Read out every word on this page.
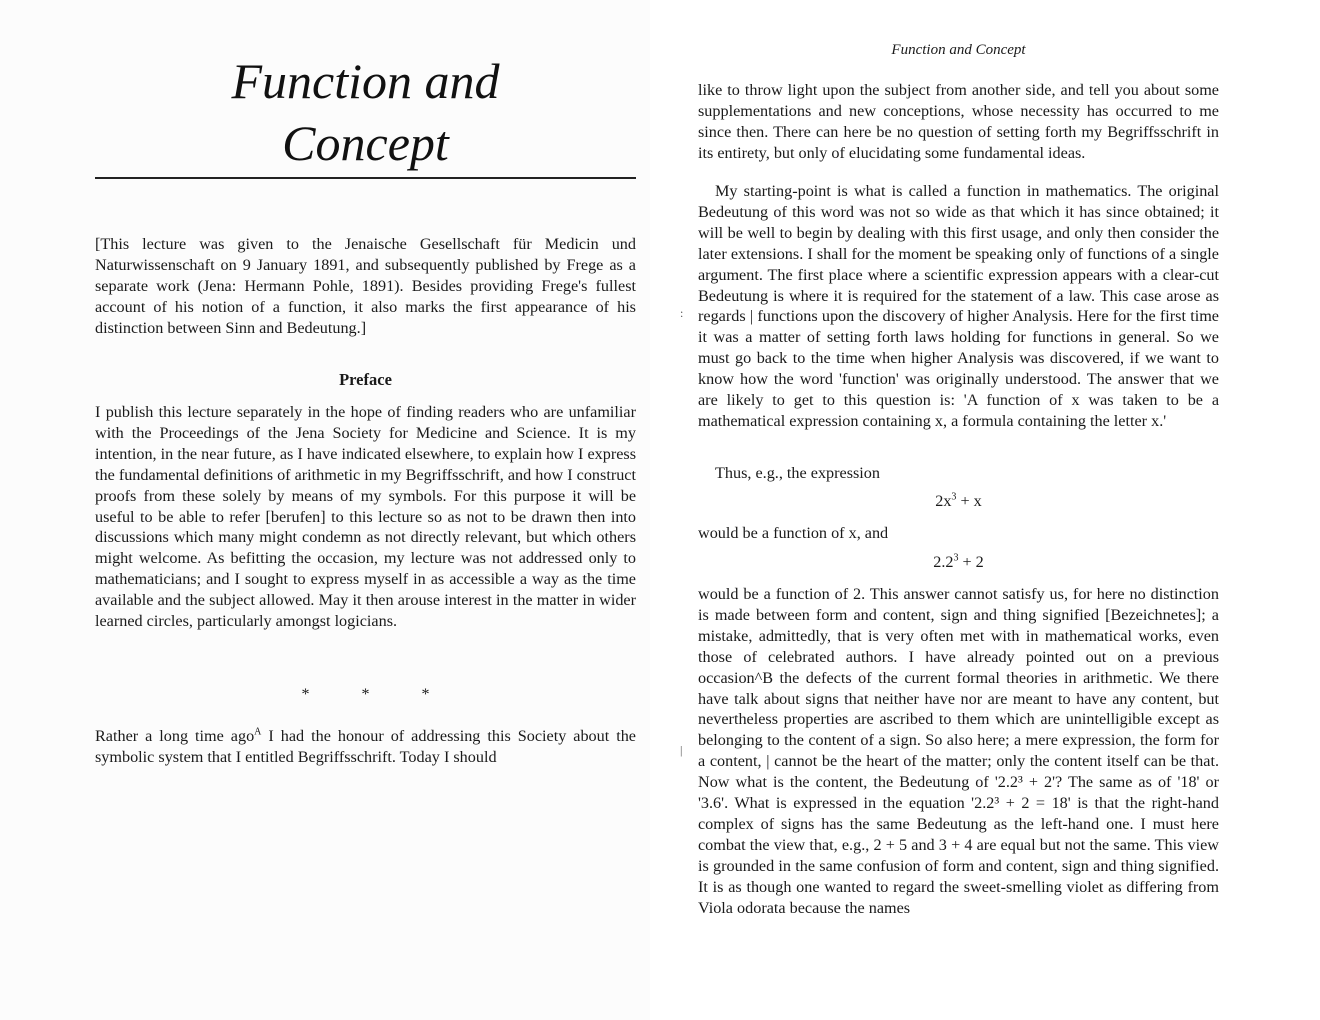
Function and
Concept

[This lecture was given to the Jenaische Gesellschaft für Medicin und Naturwissenschaft on 9 January 1891, and subsequently published by Frege as a separate work (Jena: Hermann Pohle, 1891). Besides providing Frege's fullest account of his notion of a function, it also marks the first appearance of his distinction between Sinn and Bedeutung.]

Preface

I publish this lecture separately in the hope of finding readers who are unfamiliar with the Proceedings of the Jena Society for Medicine and Science. It is my intention, in the near future, as I have indicated elsewhere, to explain how I express the fundamental definitions of arithmetic in my Begriffsschrift, and how I construct proofs from these solely by means of my symbols. For this purpose it will be useful to be able to refer [berufen] to this lecture so as not to be drawn then into discussions which many might condemn as not directly relevant, but which others might welcome. As befitting the occasion, my lecture was not addressed only to mathematicians; and I sought to express myself in as accessible a way as the time available and the subject allowed. May it then arouse interest in the matter in wider learned circles, particularly amongst logicians.

*	*	*

Rather a long time ago$^A$ I had the honour of addressing this Society about the symbolic system that I entitled Begriffsschrift. Today I should

Function and Concept

like to throw light upon the subject from another side, and tell you about some supplementations and new conceptions, whose necessity has occurred to me since then. There can here be no question of setting forth my Begriffsschrift in its entirety, but only of elucidating some fundamental ideas.

My starting-point is what is called a function in mathematics. The original Bedeutung of this word was not so wide as that which it has since obtained; it will be well to begin by dealing with this first usage, and only then consider the later extensions. I shall for the moment be speaking only of functions of a single argument. The first place where a scientific expression appears with a clear-cut Bedeutung is where it is required for the statement of a law. This case arose as regards | functions upon the discovery of higher Analysis. Here for the first time it was a matter of setting forth laws holding for functions in general. So we must go back to the time when higher Analysis was discovered, if we want to know how the word 'function' was originally understood. The answer that we are likely to get to this question is: 'A function of x was taken to be a mathematical expression containing x, a formula containing the letter x.'

Thus, e.g., the expression

$2x^3 + x$

would be a function of x, and

$2.2^3 + 2$

would be a function of 2. This answer cannot satisfy us, for here no distinction is made between form and content, sign and thing signified [Bezeichnetes]; a mistake, admittedly, that is very often met with in mathematical works, even those of celebrated authors. I have already pointed out on a previous occasion^B the defects of the current formal theories in arithmetic. We there have talk about signs that neither have nor are meant to have any content, but nevertheless properties are ascribed to them which are unintelligible except as belonging to the content of a sign. So also here; a mere expression, the form for a content, | cannot be the heart of the matter; only the content itself can be that. Now what is the content, the Bedeutung of '2.2³ + 2'? The same as of '18' or '3.6'. What is expressed in the equation '2.2³ + 2 = 18' is that the right-hand complex of signs has the same Bedeutung as the left-hand one. I must here combat the view that, e.g., 2 + 5 and 3 + 4 are equal but not the same. This view is grounded in the same confusion of form and content, sign and thing signified. It is as though one wanted to regard the sweet-smelling violet as differing from Viola odorata because the names

:
|
